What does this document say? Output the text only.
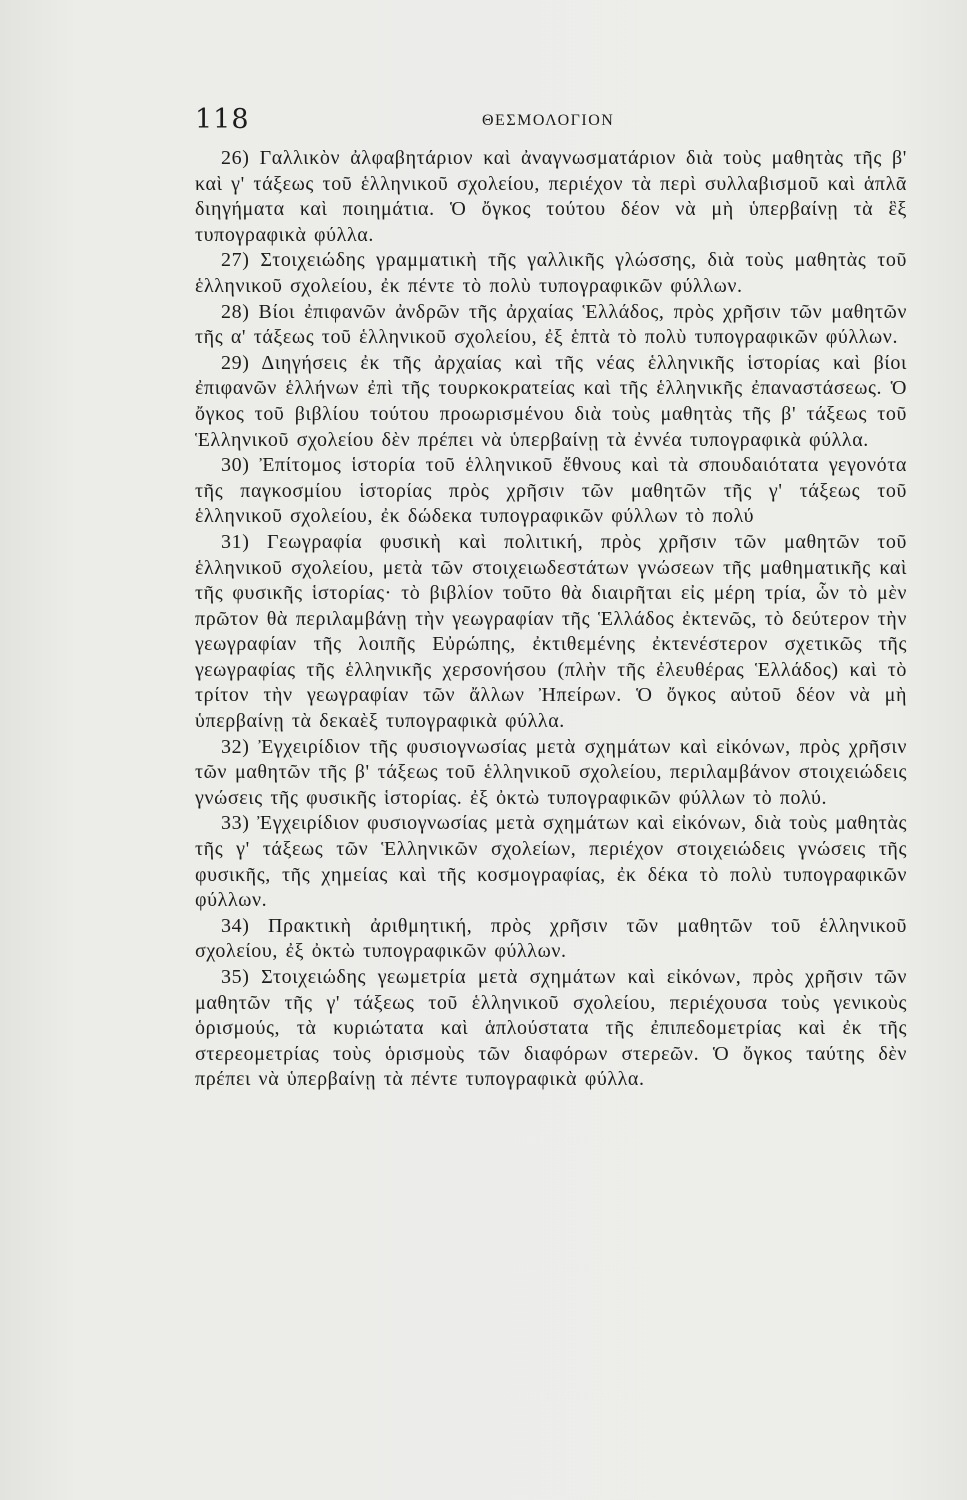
118	ΘΕΣΜΟΛΟΓΙΟΝ

26) Γαλλικὸν ἀλφαβητάριον καὶ ἀναγνωσματάριον διὰ τοὺς μαθητὰς τῆς β' καὶ γ' τάξεως τοῦ ἑλληνικοῦ σχολείου, περιέχον τὰ περὶ συλλαβισμοῦ καὶ ἁπλᾶ διηγήματα καὶ ποιημάτια. Ὁ ὄγκος τούτου δέον νὰ μὴ ὑπερβαίνῃ τὰ ἓξ τυπογραφικὰ φύλλα.

27) Στοιχειώδης γραμματικὴ τῆς γαλλικῆς γλώσσης, διὰ τοὺς μαθητὰς τοῦ ἑλληνικοῦ σχολείου, ἐκ πέντε τὸ πολὺ τυπογραφικῶν φύλλων.

28) Βίοι ἐπιφανῶν ἀνδρῶν τῆς ἀρχαίας Ἑλλάδος, πρὸς χρῆσιν τῶν μαθητῶν τῆς α' τάξεως τοῦ ἑλληνικοῦ σχολείου, ἐξ ἑπτὰ τὸ πολὺ τυπογραφικῶν φύλλων.

29) Διηγήσεις ἐκ τῆς ἀρχαίας καὶ τῆς νέας ἑλληνικῆς ἱστορίας καὶ βίοι ἐπιφανῶν ἑλλήνων ἐπὶ τῆς τουρκοκρατείας καὶ τῆς ἑλληνικῆς ἐπαναστάσεως. Ὁ ὄγκος τοῦ βιβλίου τούτου προωρισμένου διὰ τοὺς μαθητὰς τῆς β' τάξεως τοῦ Ἑλληνικοῦ σχολείου δὲν πρέπει νὰ ὑπερβαίνῃ τὰ ἐννέα τυπογραφικὰ φύλλα.

30) Ἐπίτομος ἱστορία τοῦ ἑλληνικοῦ ἔθνους καὶ τὰ σπουδαιότατα γεγονότα τῆς παγκοσμίου ἱστορίας πρὸς χρῆσιν τῶν μαθητῶν τῆς γ' τάξεως τοῦ ἑλληνικοῦ σχολείου, ἐκ δώδεκα τυπογραφικῶν φύλλων τὸ πολύ

31) Γεωγραφία φυσικὴ καὶ πολιτική, πρὸς χρῆσιν τῶν μαθητῶν τοῦ ἑλληνικοῦ σχολείου, μετὰ τῶν στοιχειωδεστάτων γνώσεων τῆς μαθηματικῆς καὶ τῆς φυσικῆς ἱστορίας· τὸ βιβλίον τοῦτο θὰ διαιρῆται εἰς μέρη τρία, ὧν τὸ μὲν πρῶτον θὰ περιλαμβάνῃ τὴν γεωγραφίαν τῆς Ἑλλάδος ἐκτενῶς, τὸ δεύτερον τὴν γεωγραφίαν τῆς λοιπῆς Εὐρώπης, ἐκτιθεμένης ἐκτενέστερον σχετικῶς τῆς γεωγραφίας τῆς ἑλληνικῆς χερσονήσου (πλὴν τῆς ἐλευθέρας Ἑλλάδος) καὶ τὸ τρίτον τὴν γεωγραφίαν τῶν ἄλλων Ἠπείρων. Ὁ ὄγκος αὐτοῦ δέον νὰ μὴ ὑπερβαίνῃ τὰ δεκαὲξ τυπογραφικὰ φύλλα.

32) Ἐγχειρίδιον τῆς φυσιογνωσίας μετὰ σχημάτων καὶ εἰκόνων, πρὸς χρῆσιν τῶν μαθητῶν τῆς β' τάξεως τοῦ ἑλληνικοῦ σχολείου, περιλαμβάνον στοιχειώδεις γνώσεις τῆς φυσικῆς ἱστορίας. ἐξ ὀκτὼ τυπογραφικῶν φύλλων τὸ πολύ.

33) Ἐγχειρίδιον φυσιογνωσίας μετὰ σχημάτων καὶ εἰκόνων, διὰ τοὺς μαθητὰς τῆς γ' τάξεως τῶν Ἑλληνικῶν σχολείων, περιέχον στοιχειώδεις γνώσεις τῆς φυσικῆς, τῆς χημείας καὶ τῆς κοσμογραφίας, ἐκ δέκα τὸ πολὺ τυπογραφικῶν φύλλων.

34) Πρακτικὴ ἀριθμητική, πρὸς χρῆσιν τῶν μαθητῶν τοῦ ἑλληνικοῦ σχολείου, ἐξ ὀκτὼ τυπογραφικῶν φύλλων.

35) Στοιχειώδης γεωμετρία μετὰ σχημάτων καὶ εἰκόνων, πρὸς χρῆσιν τῶν μαθητῶν τῆς γ' τάξεως τοῦ ἑλληνικοῦ σχολείου, περιέχουσα τοὺς γενικοὺς ὁρισμούς, τὰ κυριώτατα καὶ ἁπλούστατα τῆς ἐπιπεδομετρίας καὶ ἐκ τῆς στερεομετρίας τοὺς ὁρισμοὺς τῶν διαφόρων στερεῶν. Ὁ ὄγκος ταύτης δὲν πρέπει νὰ ὑπερβαίνῃ τὰ πέντε τυπογραφικὰ φύλλα.
